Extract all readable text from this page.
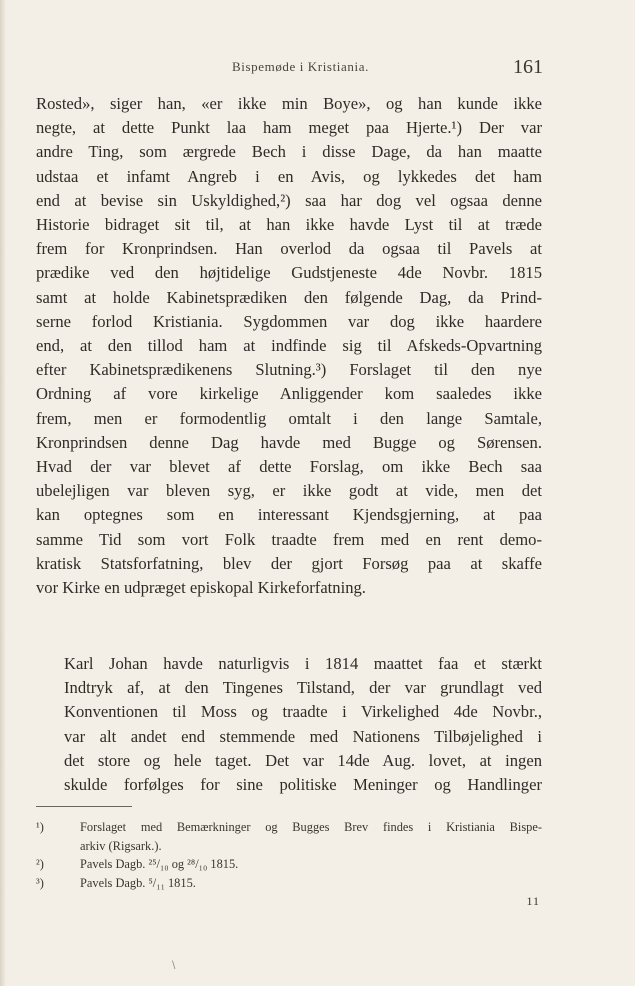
Bispemøde i Kristiania.	161
Rosted», siger han, «er ikke min Boye», og han kunde ikke
negte, at dette Punkt laa ham meget paa Hjerte.¹) Der var
andre Ting, som ærgrede Bech i disse Dage, da han maatte
udstaa et infamt Angreb i en Avis, og lykkedes det ham
end at bevise sin Uskyldighed,²) saa har dog vel ogsaa denne
Historie bidraget sit til, at han ikke havde Lyst til at træde
frem for Kronprindsen. Han overlod da ogsaa til Pavels at
prædike ved den højtidelige Gudstjeneste 4de Novbr. 1815
samt at holde Kabinetsprædiken den følgende Dag, da Prind-
serne forlod Kristiania. Sygdommen var dog ikke haardere
end, at den tillod ham at indfinde sig til Afskeds-Opvartning
efter Kabinetsprædikenens Slutning.³) Forslaget til den nye
Ordning af vore kirkelige Anliggender kom saaledes ikke
frem, men er formodentlig omtalt i den lange Samtale,
Kronprindsen denne Dag havde med Bugge og Sørensen.
Hvad der var blevet af dette Forslag, om ikke Bech saa
ubelejligen var bleven syg, er ikke godt at vide, men det
kan optegnes som en interessant Kjendsgjerning, at paa
samme Tid som vort Folk traadte frem med en rent demo-
kratisk Statsforfatning, blev der gjort Forsøg paa at skaffe
vor Kirke en udpræget episkopal Kirkeforfatning.
Karl Johan havde naturligvis i 1814 maattet faa et stærkt
Indtryk af, at den Tingenes Tilstand, der var grundlagt ved
Konventionen til Moss og traadte i Virkelighed 4de Novbr.,
var alt andet end stemmende med Nationens Tilbøjelighed i
det store og hele taget. Det var 14de Aug. lovet, at ingen
skulde forfølges for sine politiske Meninger og Handlinger
¹)	Forslaget med Bemærkninger og Bugges Brev findes i Kristiania Bispe-
arkiv (Rigsark.).
²)	Pavels Dagb. ²⁵/₁₀ og ²⁸/₁₀ 1815.
³)	Pavels Dagb. ⁵/₁₁ 1815.
11
\
